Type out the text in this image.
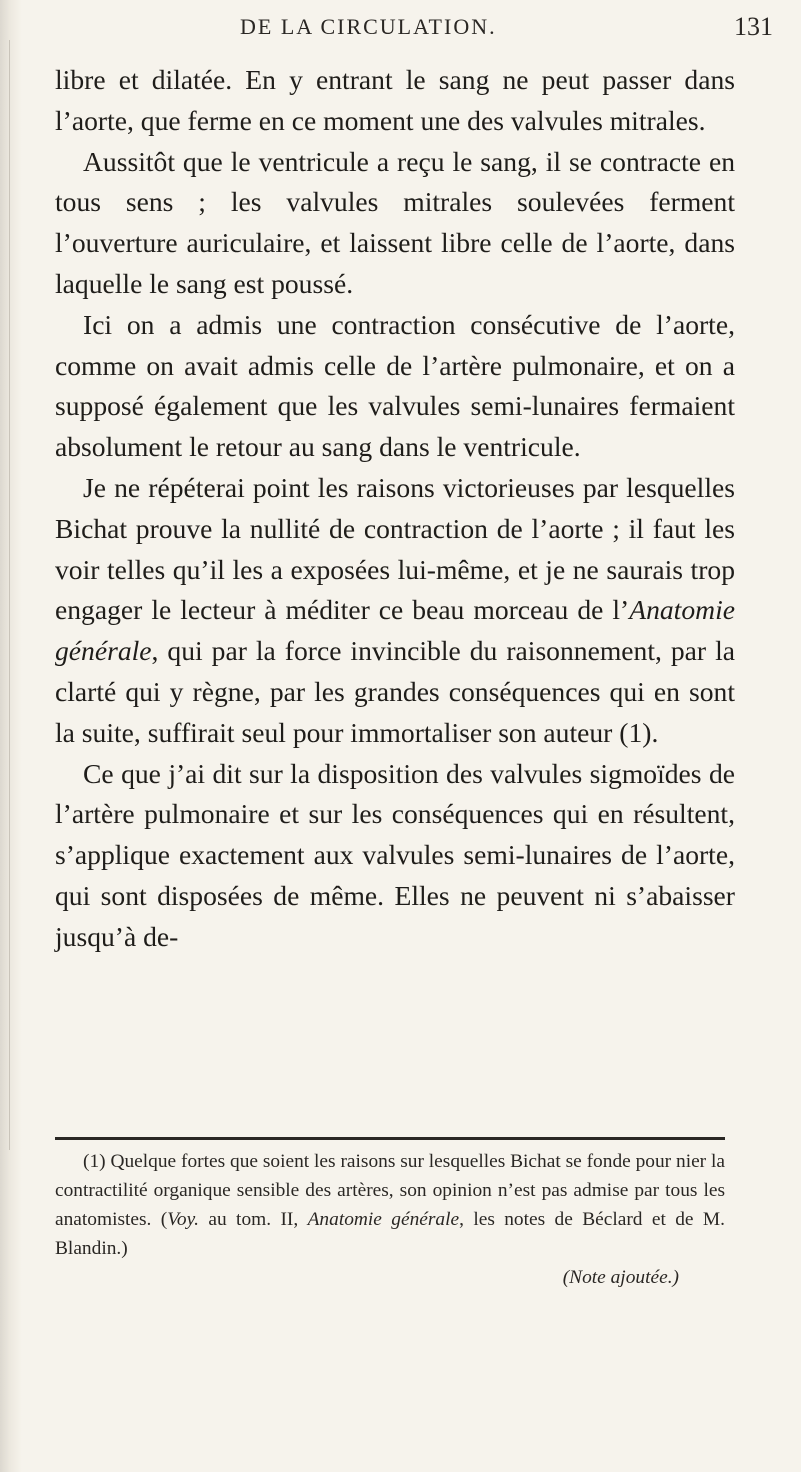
DE LA CIRCULATION.	131

libre et dilatée. En y entrant le sang ne peut passer dans l’aorte, que ferme en ce moment une des valvules mitrales.

Aussitôt que le ventricule a reçu le sang, il se contracte en tous sens ; les valvules mitrales soulevées ferment l’ouverture auriculaire, et laissent libre celle de l’aorte, dans laquelle le sang est poussé.

Ici on a admis une contraction consécutive de l’aorte, comme on avait admis celle de l’artère pulmonaire, et on a supposé également que les valvules semi-lunaires fermaient absolument le retour au sang dans le ventricule.

Je ne répéterai point les raisons victorieuses par lesquelles Bichat prouve la nullité de contraction de l’aorte ; il faut les voir telles qu’il les a exposées lui-même, et je ne saurais trop engager le lecteur à méditer ce beau morceau de l’Anatomie générale, qui par la force invincible du raisonnement, par la clarté qui y règne, par les grandes conséquences qui en sont la suite, suffirait seul pour immortaliser son auteur (1).

Ce que j’ai dit sur la disposition des valvules sigmoïdes de l’artère pulmonaire et sur les conséquences qui en résultent, s’applique exactement aux valvules semi-lunaires de l’aorte, qui sont disposées de même. Elles ne peuvent ni s’abaisser jusqu’à de-

(1) Quelque fortes que soient les raisons sur lesquelles Bichat se fonde pour nier la contractilité organique sensible des artères, son opinion n’est pas admise par tous les anatomistes. (Voy. au tom. II, Anatomie générale, les notes de Béclard et de M. Blandin.)

(Note ajoutée.)
